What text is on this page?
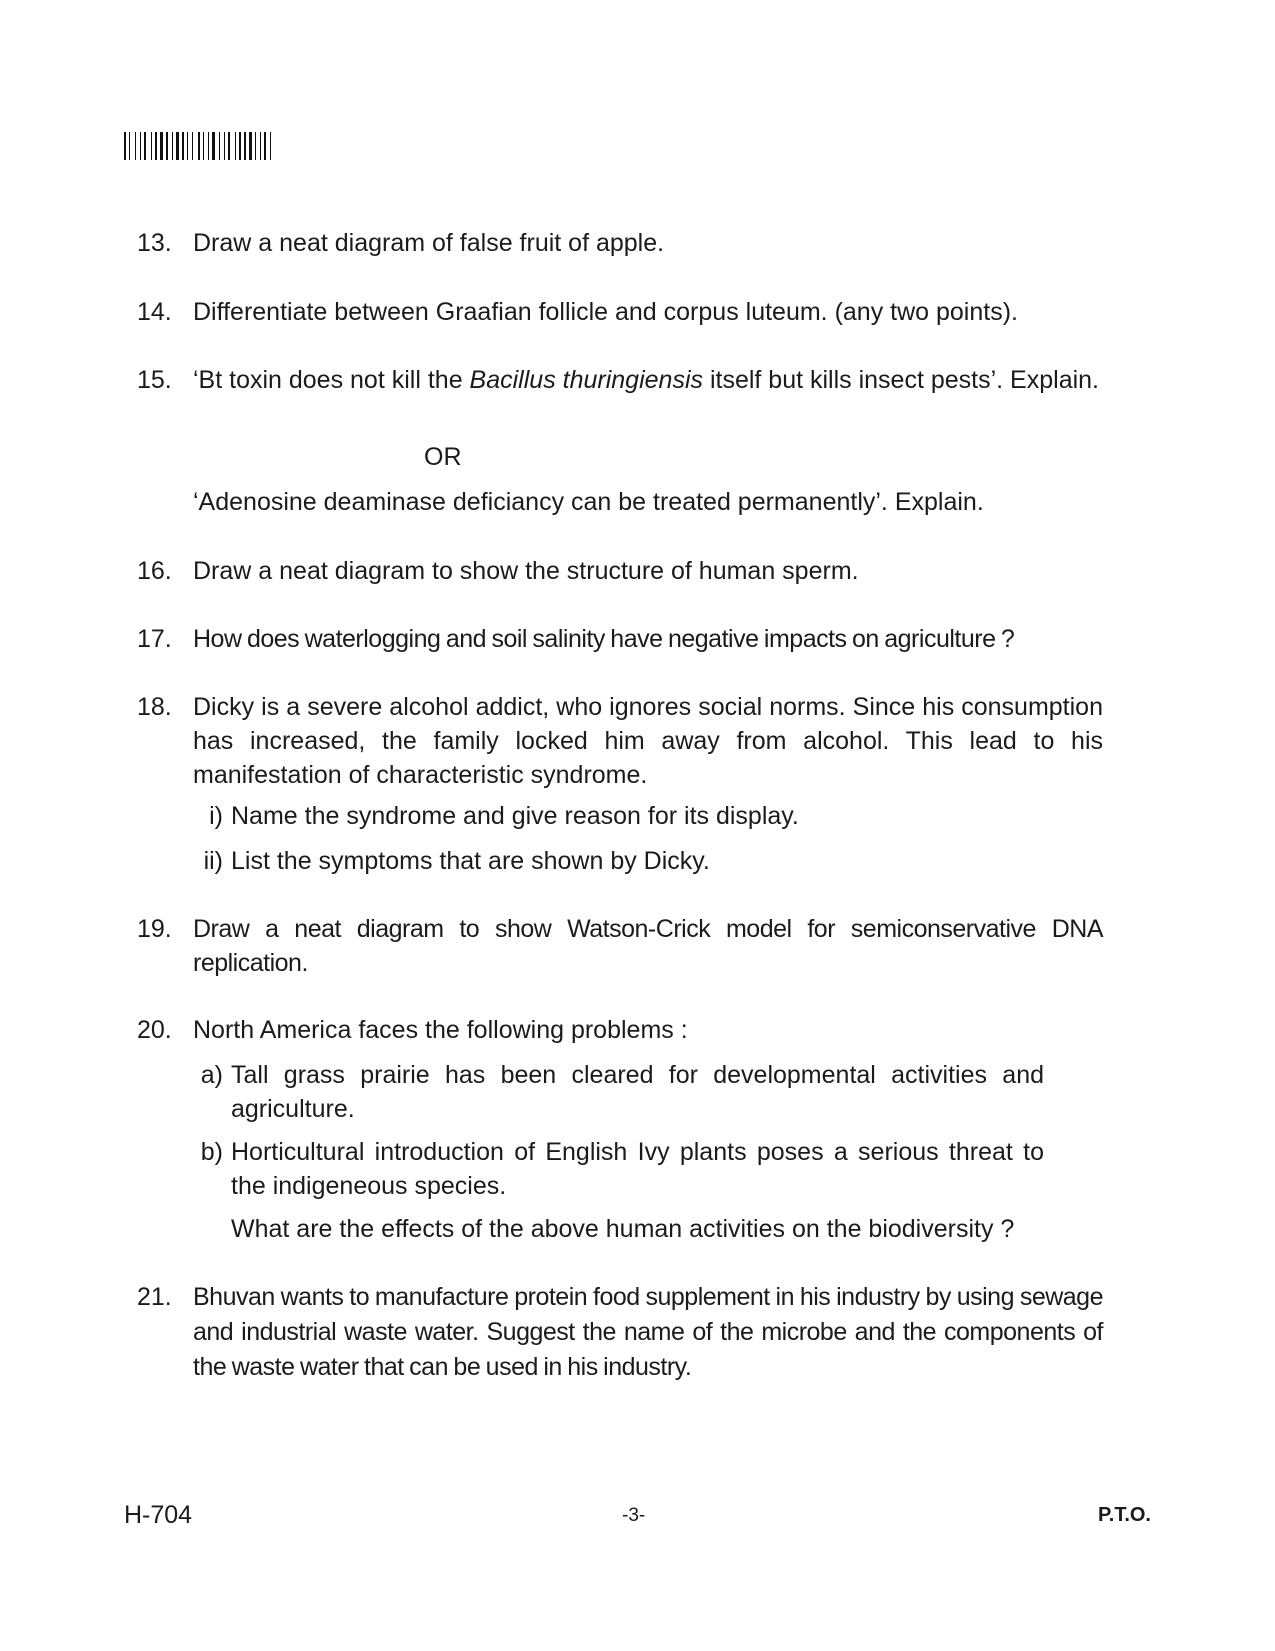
13. Draw a neat diagram of false fruit of apple.
14. Differentiate between Graafian follicle and corpus luteum. (any two points).
15. ‘Bt toxin does not kill the Bacillus thuringiensis itself but kills insect pests’. Explain.
OR
‘Adenosine deaminase deficiancy can be treated permanently’. Explain.
16. Draw a neat diagram to show the structure of human sperm.
17. How does waterlogging and soil salinity have negative impacts on agriculture ?
18. Dicky is a severe alcohol addict, who ignores social norms. Since his consumption has increased, the family locked him away from alcohol. This lead to his manifestation of characteristic syndrome.
i) Name the syndrome and give reason for its display.
ii) List the symptoms that are shown by Dicky.
19. Draw a neat diagram to show Watson-Crick model for semiconservative DNA replication.
20. North America faces the following problems :
a) Tall grass prairie has been cleared for developmental activities and agriculture.
b) Horticultural introduction of English Ivy plants poses a serious threat to the indigeneous species.
What are the effects of the above human activities on the biodiversity ?
21. Bhuvan wants to manufacture protein food supplement in his industry by using sewage and industrial waste water. Suggest the name of the microbe and the components of the waste water that can be used in his industry.
H-704	-3-	P.T.O.
